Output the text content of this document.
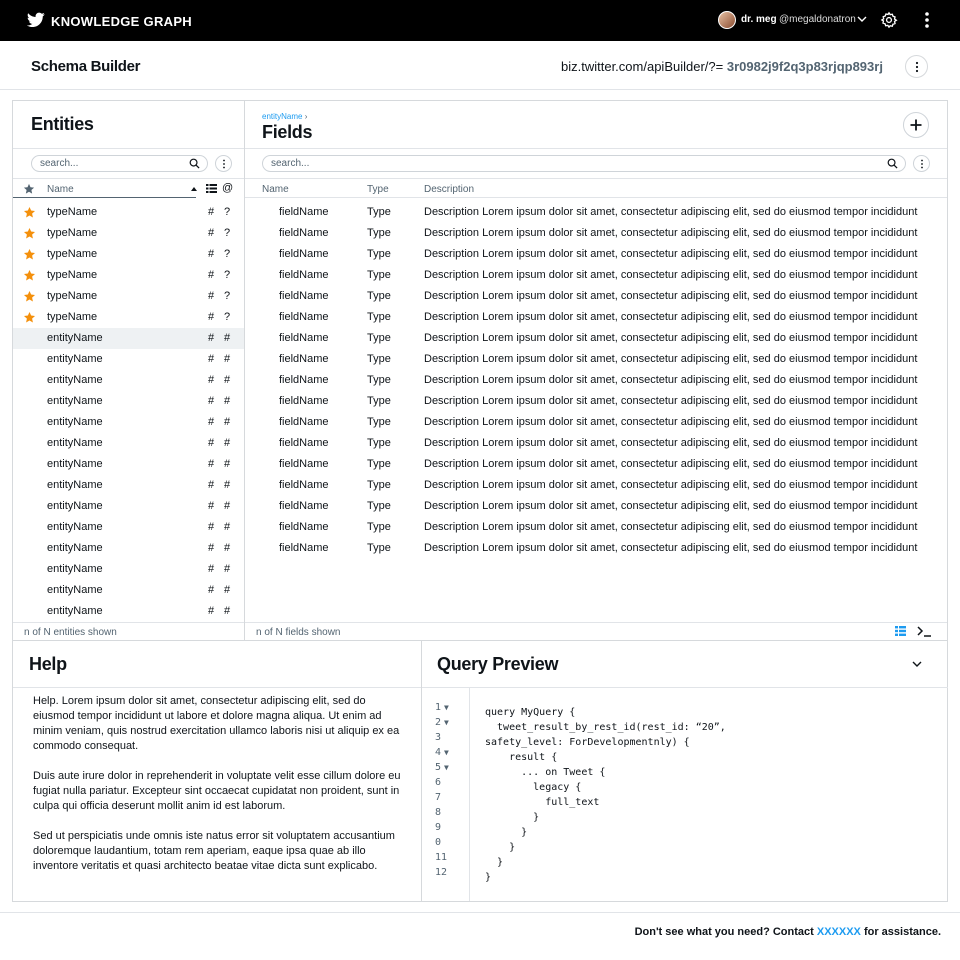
KNOWLEDGE GRAPH	dr. meg @megaldonatron
Schema Builder	biz.twitter.com/apiBuilder/?= 3r0982j9f2q3p83rjqp893rj
Entities
search...
Name	@
typeName	# ?
typeName	# ?
typeName	# ?
typeName	# ?
typeName	# ?
typeName	# ?
entityName	# #
entityName	# #
entityName	# #
entityName	# #
entityName	# #
entityName	# #
entityName	# #
entityName	# #
entityName	# #
entityName	# #
entityName	# #
entityName	# #
entityName	# #
entityName	# #
n of N entities shown
entityName ›
Fields
search...
Name	Type	Description
fieldName	Type	Description Lorem ipsum dolor sit amet, consectetur adipiscing elit, sed do eiusmod tempor incididunt
fieldName	Type	Description Lorem ipsum dolor sit amet, consectetur adipiscing elit, sed do eiusmod tempor incididunt
fieldName	Type	Description Lorem ipsum dolor sit amet, consectetur adipiscing elit, sed do eiusmod tempor incididunt
fieldName	Type	Description Lorem ipsum dolor sit amet, consectetur adipiscing elit, sed do eiusmod tempor incididunt
fieldName	Type	Description Lorem ipsum dolor sit amet, consectetur adipiscing elit, sed do eiusmod tempor incididunt
fieldName	Type	Description Lorem ipsum dolor sit amet, consectetur adipiscing elit, sed do eiusmod tempor incididunt
fieldName	Type	Description Lorem ipsum dolor sit amet, consectetur adipiscing elit, sed do eiusmod tempor incididunt
fieldName	Type	Description Lorem ipsum dolor sit amet, consectetur adipiscing elit, sed do eiusmod tempor incididunt
fieldName	Type	Description Lorem ipsum dolor sit amet, consectetur adipiscing elit, sed do eiusmod tempor incididunt
fieldName	Type	Description Lorem ipsum dolor sit amet, consectetur adipiscing elit, sed do eiusmod tempor incididunt
fieldName	Type	Description Lorem ipsum dolor sit amet, consectetur adipiscing elit, sed do eiusmod tempor incididunt
fieldName	Type	Description Lorem ipsum dolor sit amet, consectetur adipiscing elit, sed do eiusmod tempor incididunt
fieldName	Type	Description Lorem ipsum dolor sit amet, consectetur adipiscing elit, sed do eiusmod tempor incididunt
fieldName	Type	Description Lorem ipsum dolor sit amet, consectetur adipiscing elit, sed do eiusmod tempor incididunt
fieldName	Type	Description Lorem ipsum dolor sit amet, consectetur adipiscing elit, sed do eiusmod tempor incididunt
fieldName	Type	Description Lorem ipsum dolor sit amet, consectetur adipiscing elit, sed do eiusmod tempor incididunt
fieldName	Type	Description Lorem ipsum dolor sit amet, consectetur adipiscing elit, sed do eiusmod tempor incididunt
n of N fields shown
Help

Help. Lorem ipsum dolor sit amet, consectetur adipiscing elit, sed do eiusmod tempor incididunt ut labore et dolore magna aliqua. Ut enim ad minim veniam, quis nostrud exercitation ullamco laboris nisi ut aliquip ex ea commodo consequat.

Duis aute irure dolor in reprehenderit in voluptate velit esse cillum dolore eu fugiat nulla pariatur. Excepteur sint occaecat cupidatat non proident, sunt in culpa qui officia deserunt mollit anim id est laborum.

Sed ut perspiciatis unde omnis iste natus error sit voluptatem accusantium doloremque laudantium, totam rem aperiam, eaque ipsa quae ab illo inventore veritatis et quasi architecto beatae vitae dicta sunt explicabo.

Query Preview
1 ▼
2 ▼
3
4 ▼
5 ▼
6
7
8
9
0
11
12
query MyQuery {
tweet_result_by_rest_id(rest_id: “20”,
safety_level: ForDevelopmentnly) {
result {
... on Tweet {
legacy {
full_text
}
}
}
}
}
Don't see what you need? Contact XXXXXX for assistance.
